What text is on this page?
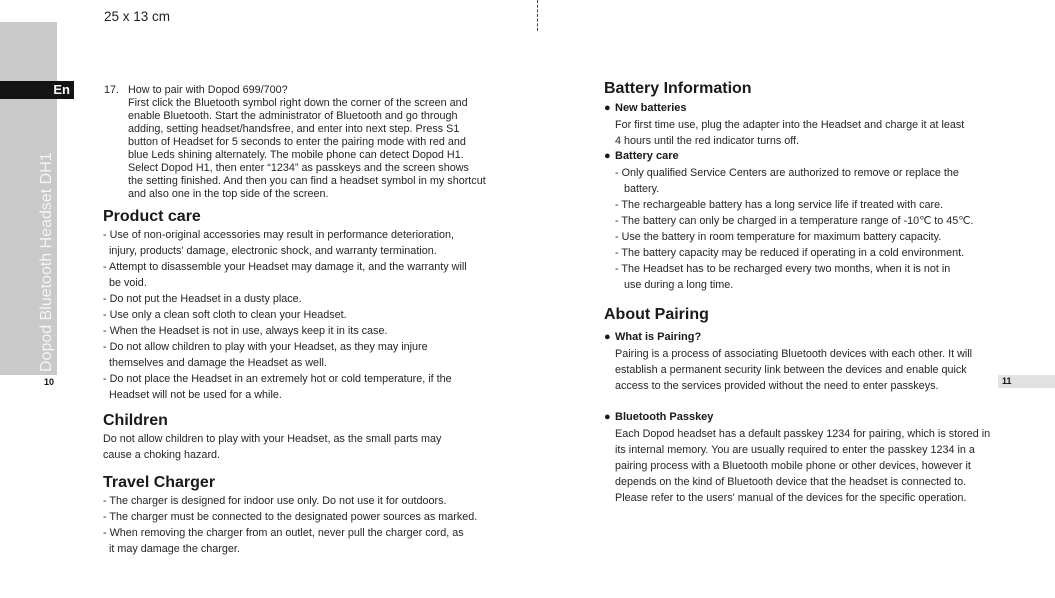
25 x 13 cm
En
Dopod Bluetooth Headset DH1
10	11
17. How to pair with Dopod 699/700?
First click the Bluetooth symbol right down the corner of the screen and
enable Bluetooth. Start the administrator of Bluetooth and go through
adding, setting headset/handsfree, and enter into next step. Press S1
button of Headset for 5 seconds to enter the pairing mode with red and
blue Leds shining alternately. The mobile phone can detect Dopod H1.
Select Dopod H1, then enter “1234” as passkeys and the screen shows
the setting finished. And then you can find a headset symbol in my shortcut
and also one in the top side of the screen.
Product care
- Use of non-original accessories may result in performance deterioration,
injury, products' damage, electronic shock, and warranty termination.
- Attempt to disassemble your Headset may damage it, and the warranty will
be void.
- Do not put the Headset in a dusty place.
- Use only a clean soft cloth to clean your Headset.
- When the Headset is not in use, always keep it in its case.
- Do not allow children to play with your Headset, as they may injure
themselves and damage the Headset as well.
- Do not place the Headset in an extremely hot or cold temperature, if the
Headset will not be used for a while.
Children
Do not allow children to play with your Headset, as the small parts may
cause a choking hazard.
Travel Charger
- The charger is designed for indoor use only. Do not use it for outdoors.
- The charger must be connected to the designated power sources as marked.
- When removing the charger from an outlet, never pull the charger cord, as
it may damage the charger.
Battery Information
● New batteries
For first time use, plug the adapter into the Headset and charge it at least
4 hours until the red indicator turns off.
● Battery care
- Only qualified Service Centers are authorized to remove or replace the
battery.
- The rechargeable battery has a long service life if treated with care.
- The battery can only be charged in a temperature range of -10℃ to 45℃.
- Use the battery in room temperature for maximum battery capacity.
- The battery capacity may be reduced if operating in a cold environment.
- The Headset has to be recharged every two months, when it is not in
use during a long time.
About Pairing
● What is Pairing?
Pairing is a process of associating Bluetooth devices with each other. It will
establish a permanent security link between the devices and enable quick
access to the services provided without the need to enter passkeys.
● Bluetooth Passkey
Each Dopod headset has a default passkey 1234 for pairing, which is stored in
its internal memory. You are usually required to enter the passkey 1234 in a
pairing process with a Bluetooth mobile phone or other devices, however it
depends on the kind of Bluetooth device that the headset is connected to.
Please refer to the users' manual of the devices for the specific operation.
